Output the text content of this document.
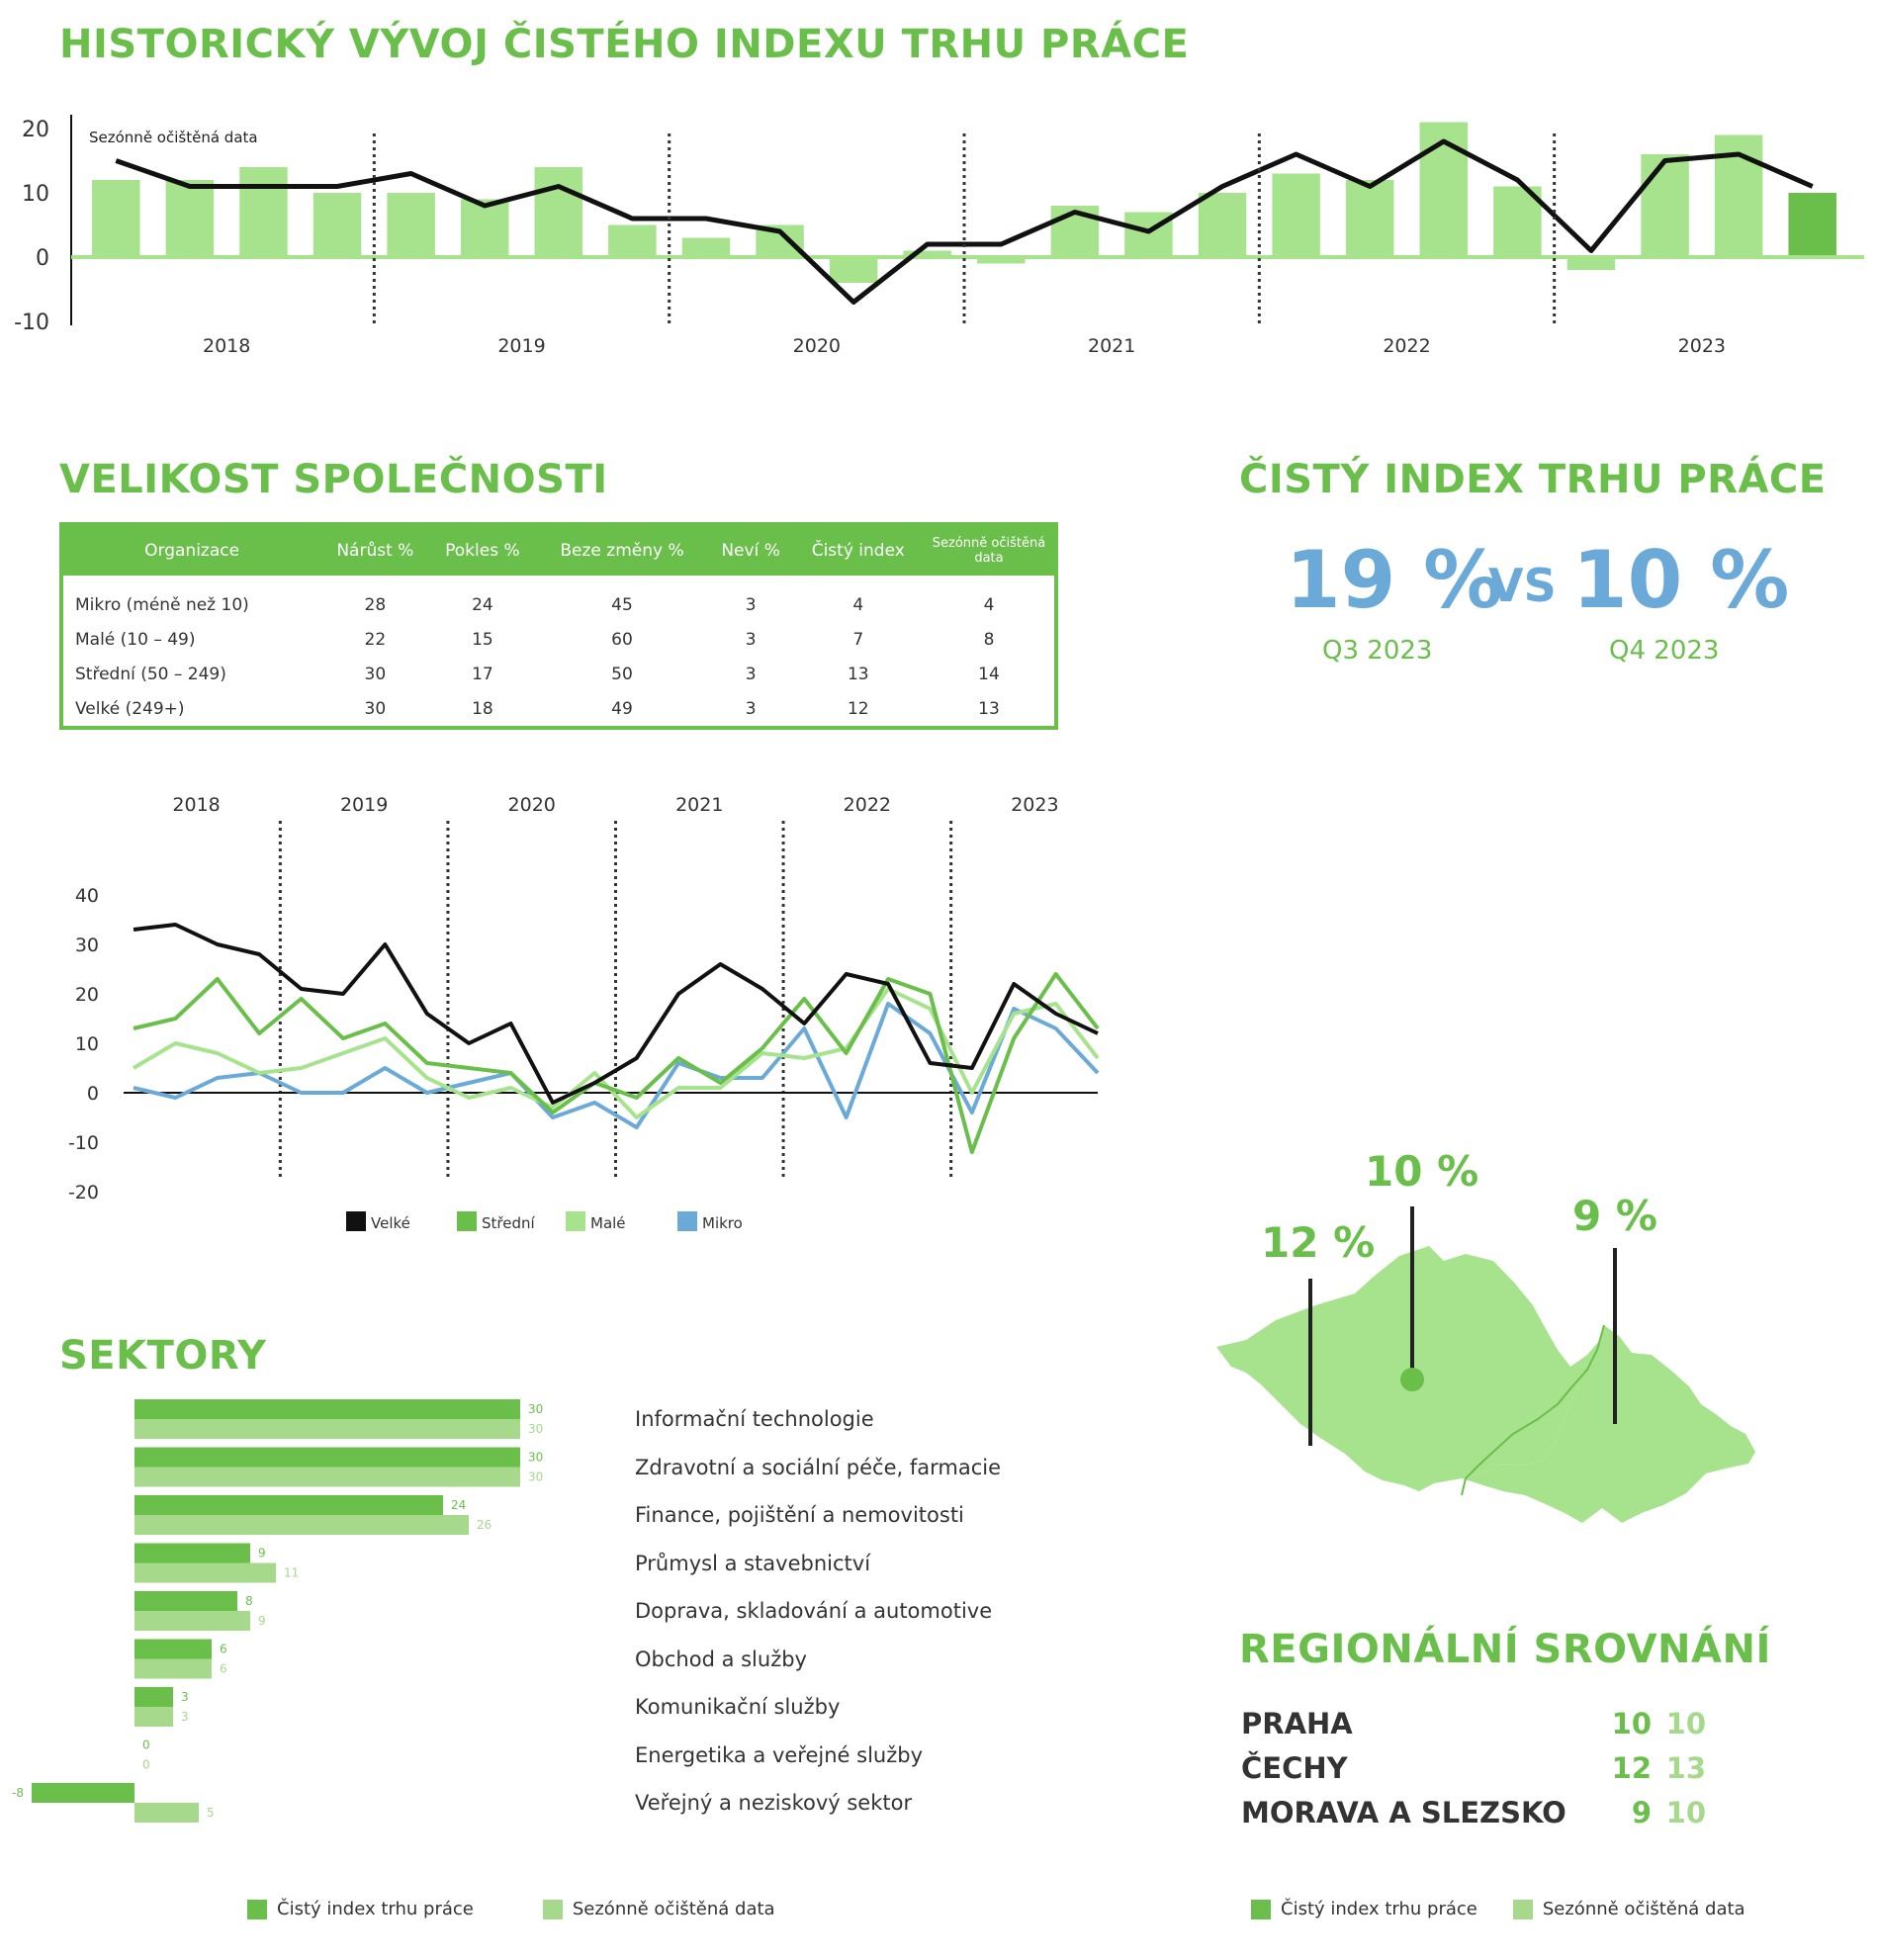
HISTORICKÝ VÝVOJ ČISTÉHO INDEXU TRHU PRÁCE
20
10
0
-10
2018	2019	2020	2021	2022	2023
Sezónně očištěná data
VELIKOST SPOLEČNOSTI
Organizace	Nárůst %	Pokles %	Beze změny %	Neví %	Čistý index	Sezónně očištěná data

Mikro (méně než 10)	28	24	45	3	4	4
Malé (10 – 49)	22	15	60	3	7	8
Střední (50 – 249)	30	17	50	3	13	14
Velké (249+)	30	18	49	3	12	13
40
30
20
10
0
-10
-20
2018	2019	2020	2021	2022	2023
Velké	Střední	Malé	Mikro
ČISTÝ INDEX TRHU PRÁCE
19 %
VS 10 %
Q3 2023	Q4 2023
12 %
10 %
9 %
REGIONÁLNÍ SROVNÁNÍ
PRAHA	10 10
ČECHY	12 13
MORAVA A SLEZSKO	9 10
Čistý index trhu práce	Sezónně očištěná data
SEKTORY
30
30
30
30
24
26
9
11
8
9
6
6
3
3
0
0
-8
5
Informační technologie
Zdravotní a sociální péče, farmacie
Finance, pojištění a nemovitosti
Průmysl a stavebnictví
Doprava, skladování a automotive
Obchod a služby
Komunikační služby
Energetika a veřejné služby
Veřejný a neziskový sektor
Čistý index trhu práce	Sezónně očištěná data
